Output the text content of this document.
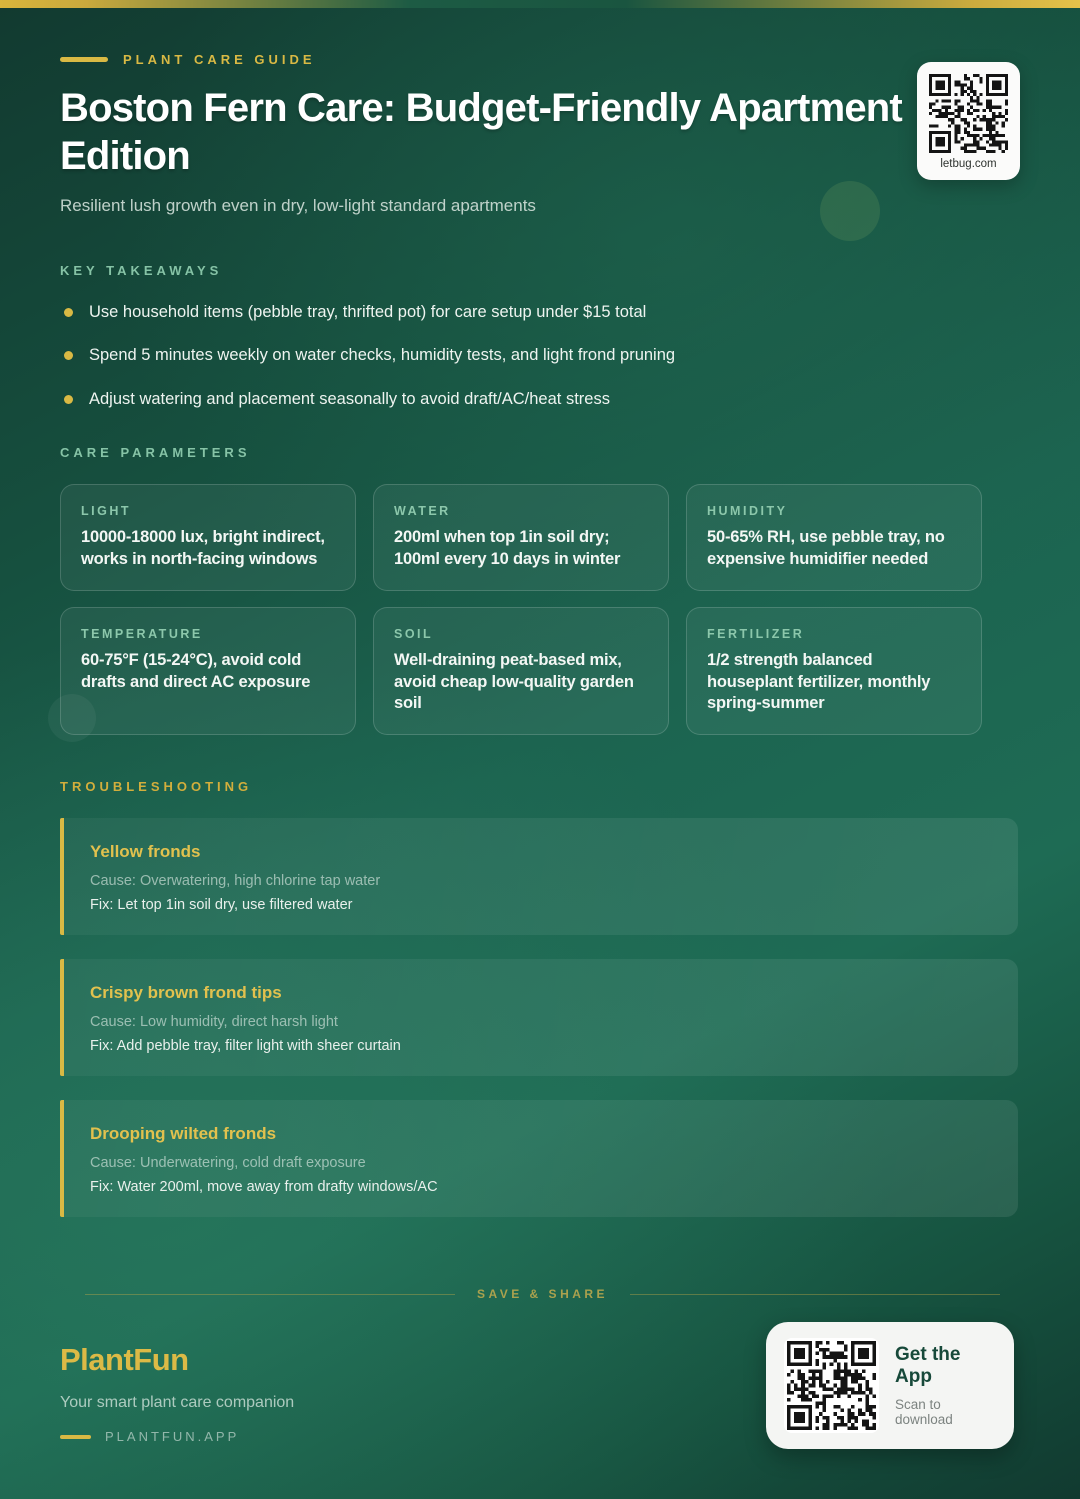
letbug.com
PLANT CARE GUIDE
Boston Fern Care: Budget-Friendly Apartment Edition

Resilient lush growth even in dry, low-light standard apartments

KEY TAKEAWAYS
Use household items (pebble tray, thrifted pot) for care setup under $15 total
Spend 5 minutes weekly on water checks, humidity tests, and light frond pruning
Adjust watering and placement seasonally to avoid draft/AC/heat stress
CARE PARAMETERS
LIGHT
10000-18000 lux, bright indirect, works in north-facing windows
WATER
200ml when top 1in soil dry; 100ml every 10 days in winter
HUMIDITY
50-65% RH, use pebble tray, no expensive humidifier needed
TEMPERATURE
60-75°F (15-24°C), avoid cold drafts and direct AC exposure
SOIL
Well-draining peat-based mix, avoid cheap low-quality garden soil
FERTILIZER
1/2 strength balanced houseplant fertilizer, monthly spring-summer
TROUBLESHOOTING
Yellow fronds
Cause: Overwatering, high chlorine tap water
Fix: Let top 1in soil dry, use filtered water
Crispy brown frond tips
Cause: Low humidity, direct harsh light
Fix: Add pebble tray, filter light with sheer curtain
Drooping wilted fronds
Cause: Underwatering, cold draft exposure
Fix: Water 200ml, move away from drafty windows/AC
SAVE & SHARE
PlantFun
Your smart plant care companion
PLANTFUN.APP
Get the App
Scan to download
